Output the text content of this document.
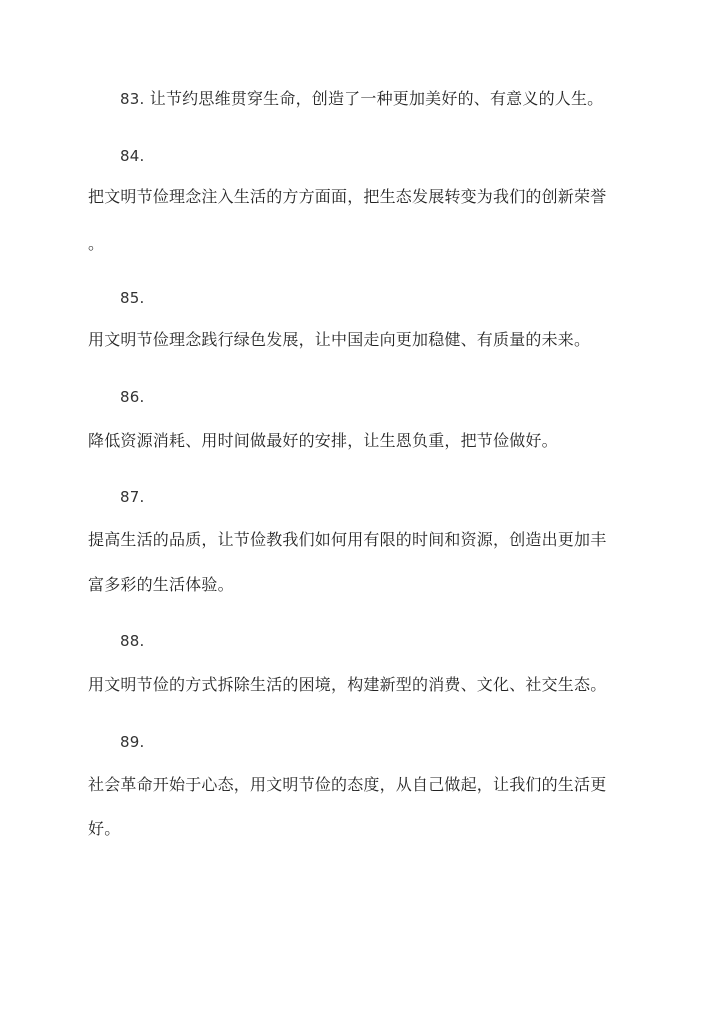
83. 让节约思维贯穿生命，创造了一种更加美好的、有意义的人生。
84.
把文明节俭理念注入生活的方方面面，把生态发展转变为我们的创新荣誉
。
85.
用文明节俭理念践行绿色发展，让中国走向更加稳健、有质量的未来。
86.
降低资源消耗、用时间做最好的安排，让生恩负重，把节俭做好。
87.
提高生活的品质，让节俭教我们如何用有限的时间和资源，创造出更加丰
富多彩的生活体验。
88.
用文明节俭的方式拆除生活的困境，构建新型的消费、文化、社交生态。
89.
社会革命开始于心态，用文明节俭的态度，从自己做起，让我们的生活更
好。
